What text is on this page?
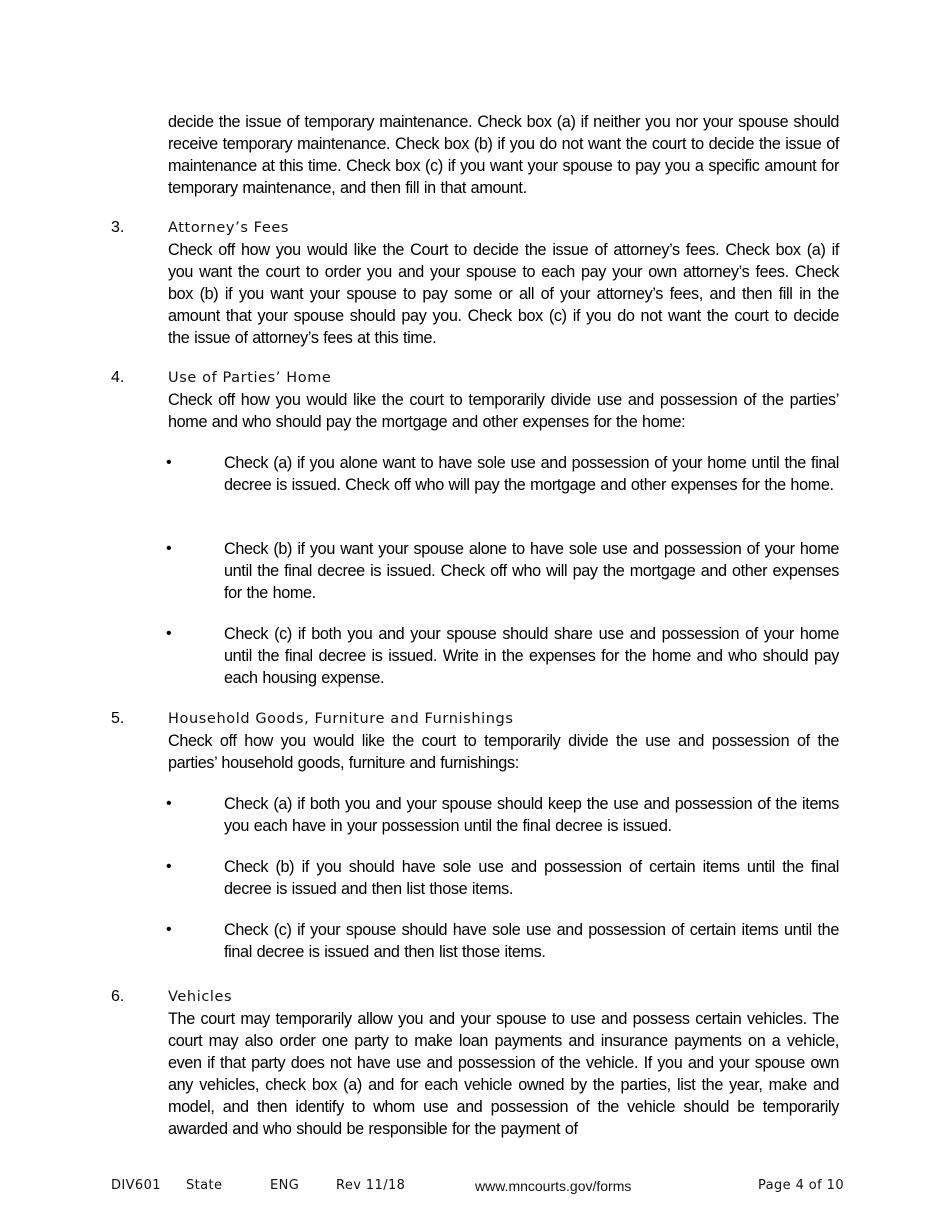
decide the issue of temporary maintenance. Check box (a) if neither you nor your spouse should receive temporary maintenance. Check box (b) if you do not want the court to decide the issue of maintenance at this time. Check box (c) if you want your spouse to pay you a specific amount for temporary maintenance, and then fill in that amount.

3.	Attorney’s Fees
Check off how you would like the Court to decide the issue of attorney’s fees. Check box (a) if you want the court to order you and your spouse to each pay your own attorney’s fees. Check box (b) if you want your spouse to pay some or all of your attorney’s fees, and then fill in the amount that your spouse should pay you. Check box (c) if you do not want the court to decide the issue of attorney’s fees at this time.
4.	Use of Parties’ Home
Check off how you would like the court to temporarily divide use and possession of the parties’ home and who should pay the mortgage and other expenses for the home:
•	Check (a) if you alone want to have sole use and possession of your home until the final decree is issued. Check off who will pay the mortgage and other expenses for the home.
•	Check (b) if you want your spouse alone to have sole use and possession of your home until the final decree is issued. Check off who will pay the mortgage and other expenses for the home.
•	Check (c) if both you and your spouse should share use and possession of your home until the final decree is issued. Write in the expenses for the home and who should pay each housing expense.
5.	Household Goods, Furniture and Furnishings
Check off how you would like the court to temporarily divide the use and possession of the parties’ household goods, furniture and furnishings:
•	Check (a) if both you and your spouse should keep the use and possession of the items you each have in your possession until the final decree is issued.
•	Check (b) if you should have sole use and possession of certain items until the final decree is issued and then list those items.
•	Check (c) if your spouse should have sole use and possession of certain items until the final decree is issued and then list those items.
6.	Vehicles
The court may temporarily allow you and your spouse to use and possess certain vehicles. The court may also order one party to make loan payments and insurance payments on a vehicle, even if that party does not have use and possession of the vehicle. If you and your spouse own any vehicles, check box (a) and for each vehicle owned by the parties, list the year, make and model, and then identify to whom use and possession of the vehicle should be temporarily awarded and who should be responsible for the payment of
DIV601 State	ENG	Rev 11/18	www.mncourts.gov/forms	Page 4 of 10
